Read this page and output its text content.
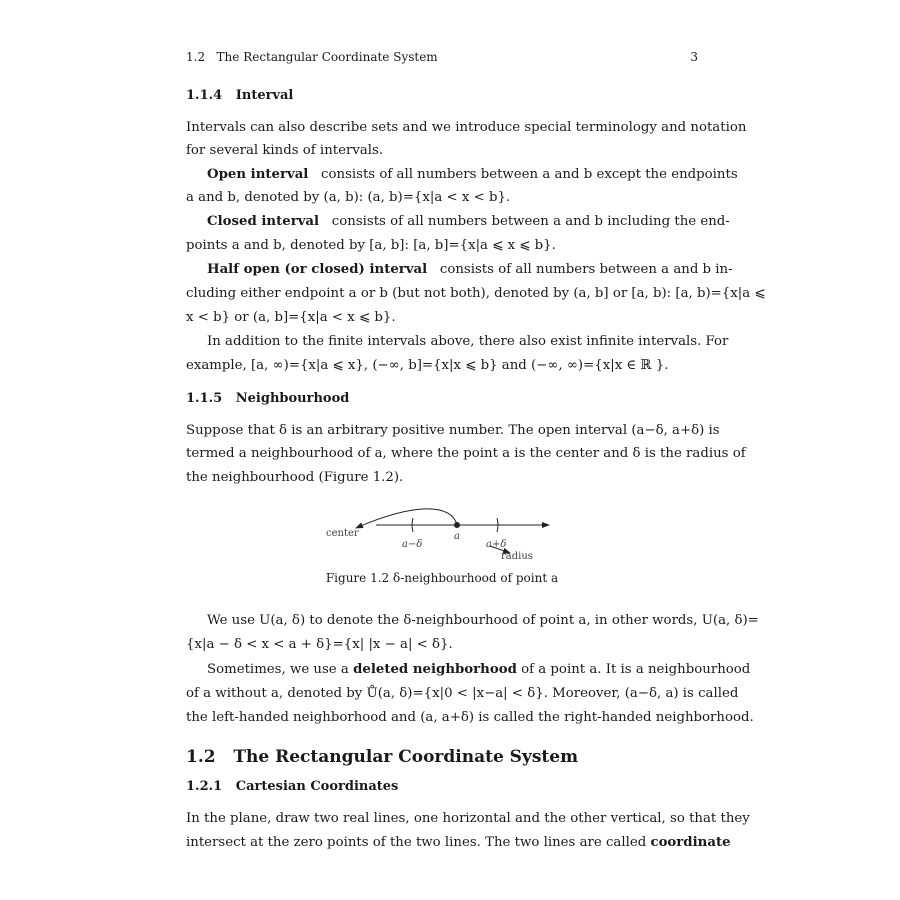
1.2 The Rectangular Coordinate System	3
1.1.4 Interval
Intervals can also describe sets and we introduce special terminology and notation
for several kinds of intervals.
Open interval consists of all numbers between a and b except the endpoints
a and b, denoted by (a, b): (a, b)={x|a < x < b}.
Closed interval consists of all numbers between a and b including the end-
points a and b, denoted by [a, b]: [a, b]={x|a ⩽ x ⩽ b}.
Half open (or closed) interval consists of all numbers between a and b in-
cluding either endpoint a or b (but not both), denoted by (a, b] or [a, b): [a, b)={x|a ⩽
x < b} or (a, b]={x|a < x ⩽ b}.
In addition to the finite intervals above, there also exist infinite intervals. For
example, [a, ∞)={x|a ⩽ x}, (−∞, b]={x|x ⩽ b} and (−∞, ∞)={x|x ∈ ℝ }.
1.1.5 Neighbourhood
Suppose that δ is an arbitrary positive number. The open interval (a−δ, a+δ) is
termed a neighbourhood of a, where the point a is the center and δ is the radius of
the neighbourhood (Figure 1.2).
center
a−δ
a
a+δ
radius
Figure 1.2 δ-neighbourhood of point a
We use U(a, δ) to denote the δ-neighbourhood of point a, in other words, U(a, δ)=
{x|a − δ < x < a + δ}={x| |x − a| < δ}.
Sometimes, we use a deleted neighborhood of a point a. It is a neighbourhood
of a without a, denoted by Ů(a, δ)={x|0 < |x−a| < δ}. Moreover, (a−δ, a) is called
the left-handed neighborhood and (a, a+δ) is called the right-handed neighborhood.
1.2 The Rectangular Coordinate System
1.2.1 Cartesian Coordinates
In the plane, draw two real lines, one horizontal and the other vertical, so that they
intersect at the zero points of the two lines. The two lines are called coordinate
